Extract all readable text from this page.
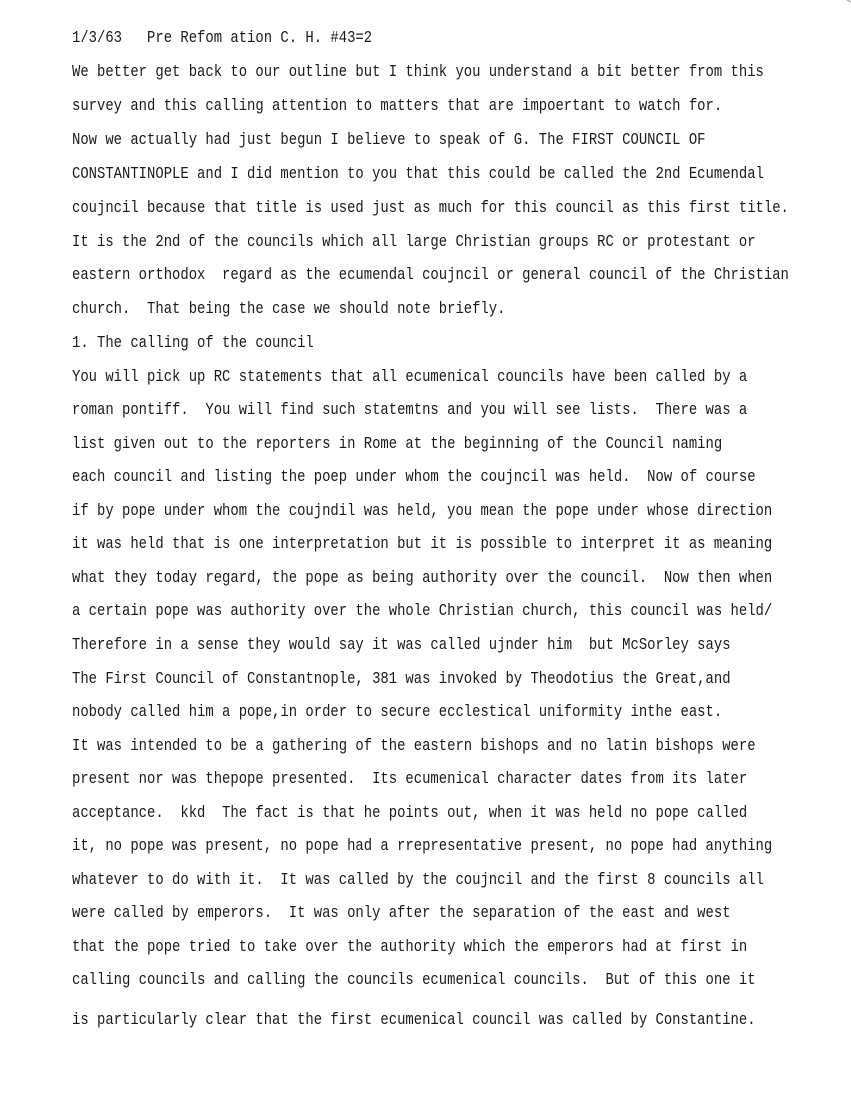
1/3/63   Pre Refom ation C. H. #43=2
We better get back to our outline but I think you understand a bit better from this
survey and this calling attention to matters that are impoertant to watch for.
Now we actually had just begun I believe to speak of G. The FIRST COUNCIL OF
CONSTANTINOPLE and I did mention to you that this could be called the 2nd Ecumendal
coujncil because that title is used just as much for this council as this first title.
It is the 2nd of the councils which all large Christian groups RC or protestant or
eastern orthodox  regard as the ecumendal coujncil or general council of the Christian
church.  That being the case we should note briefly.
1. The calling of the council
You will pick up RC statements that all ecumenical councils have been called by a
roman pontiff.  You will find such statemtns and you will see lists.  There was a
list given out to the reporters in Rome at the beginning of the Council naming
each council and listing the poep under whom the coujncil was held.  Now of course
if by pope under whom the coujndil was held, you mean the pope under whose direction
it was held that is one interpretation but it is possible to interpret it as meaning
what they today regard, the pope as being authority over the council.  Now then when
a certain pope was authority over the whole Christian church, this council was held/
Therefore in a sense they would say it was called ujnder him  but McSorley says
The First Council of Constantnople, 381 was invoked by Theodotius the Great,and
nobody called him a pope,in order to secure ecclestical uniformity inthe east.
It was intended to be a gathering of the eastern bishops and no latin bishops were
present nor was thepope presented.  Its ecumenical character dates from its later
acceptance.  kkd  The fact is that he points out, when it was held no pope called
it, no pope was present, no pope had a rrepresentative present, no pope had anything
whatever to do with it.  It was called by the coujncil and the first 8 councils all
were called by emperors.  It was only after the separation of the east and west
that the pope tried to take over the authority which the emperors had at first in
calling councils and calling the councils ecumenical councils.  But of this one it
is particularly clear that the first ecumenical council was called by Constantine.
